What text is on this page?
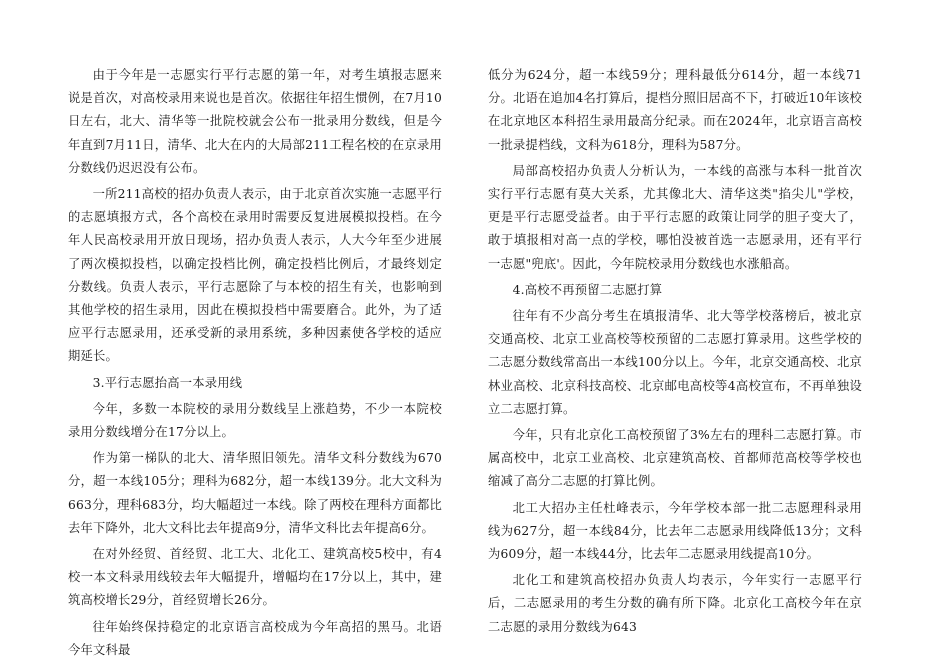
由于今年是一志愿实行平行志愿的第一年，对考生填报志愿来说是首次，对高校录用来说也是首次。依据往年招生惯例，在7月10日左右，北大、清华等一批院校就会公布一批录用分数线，但是今年直到7月11日，清华、北大在内的大局部211工程名校的在京录用分数线仍迟迟没有公布。

一所211高校的招办负责人表示，由于北京首次实施一志愿平行的志愿填报方式，各个高校在录用时需要反复进展模拟投档。在今年人民高校录用开放日现场，招办负责人表示，人大今年至少进展了两次模拟投档，以确定投档比例，确定投档比例后，才最终划定分数线。负责人表示，平行志愿除了与本校的招生有关，也影响到其他学校的招生录用，因此在模拟投档中需要磨合。此外，为了适应平行志愿录用，还承受新的录用系统，多种因素使各学校的适应期延长。

3.平行志愿抬高一本录用线

今年，多数一本院校的录用分数线呈上涨趋势，不少一本院校录用分数线增分在17分以上。

作为第一梯队的北大、清华照旧领先。清华文科分数线为670分，超一本线105分；理科为682分，超一本线139分。北大文科为663分，理科683分，均大幅超过一本线。除了两校在理科方面都比去年下降外，北大文科比去年提高9分，清华文科比去年提高6分。

在对外经贸、首经贸、北工大、北化工、建筑高校5校中，有4校一本文科录用线较去年大幅提升，增幅均在17分以上，其中，建筑高校增长29分，首经贸增长26分。

往年始终保持稳定的北京语言高校成为今年高招的黑马。北语今年文科最

低分为624分，超一本线59分；理科最低分614分，超一本线71分。北语在追加4名打算后，提档分照旧居高不下，打破近10年该校在北京地区本科招生录用最高分纪录。而在2024年，北京语言高校一批录提档线，文科为618分，理科为587分。

局部高校招办负责人分析认为，一本线的高涨与本科一批首次实行平行志愿有莫大关系，尤其像北大、清华这类"掐尖儿"学校，更是平行志愿受益者。由于平行志愿的政策让同学的胆子变大了，敢于填报相对高一点的学校，哪怕没被首选一志愿录用，还有平行一志愿"兜底'。因此，今年院校录用分数线也水涨船高。

4.高校不再预留二志愿打算

往年有不少高分考生在填报清华、北大等学校落榜后，被北京交通高校、北京工业高校等校预留的二志愿打算录用。这些学校的二志愿分数线常高出一本线100分以上。今年，北京交通高校、北京林业高校、北京科技高校、北京邮电高校等4高校宣布，不再单独设立二志愿打算。

今年，只有北京化工高校预留了3%左右的理科二志愿打算。市属高校中，北京工业高校、北京建筑高校、首都师范高校等学校也缩减了高分二志愿的打算比例。

北工大招办主任杜峰表示，今年学校本部一批二志愿理科录用线为627分，超一本线84分，比去年二志愿录用线降低13分；文科为609分，超一本线44分，比去年二志愿录用线提高10分。

北化工和建筑高校招办负责人均表示，今年实行一志愿平行后，二志愿录用的考生分数的确有所下降。北京化工高校今年在京二志愿的录用分数线为643
